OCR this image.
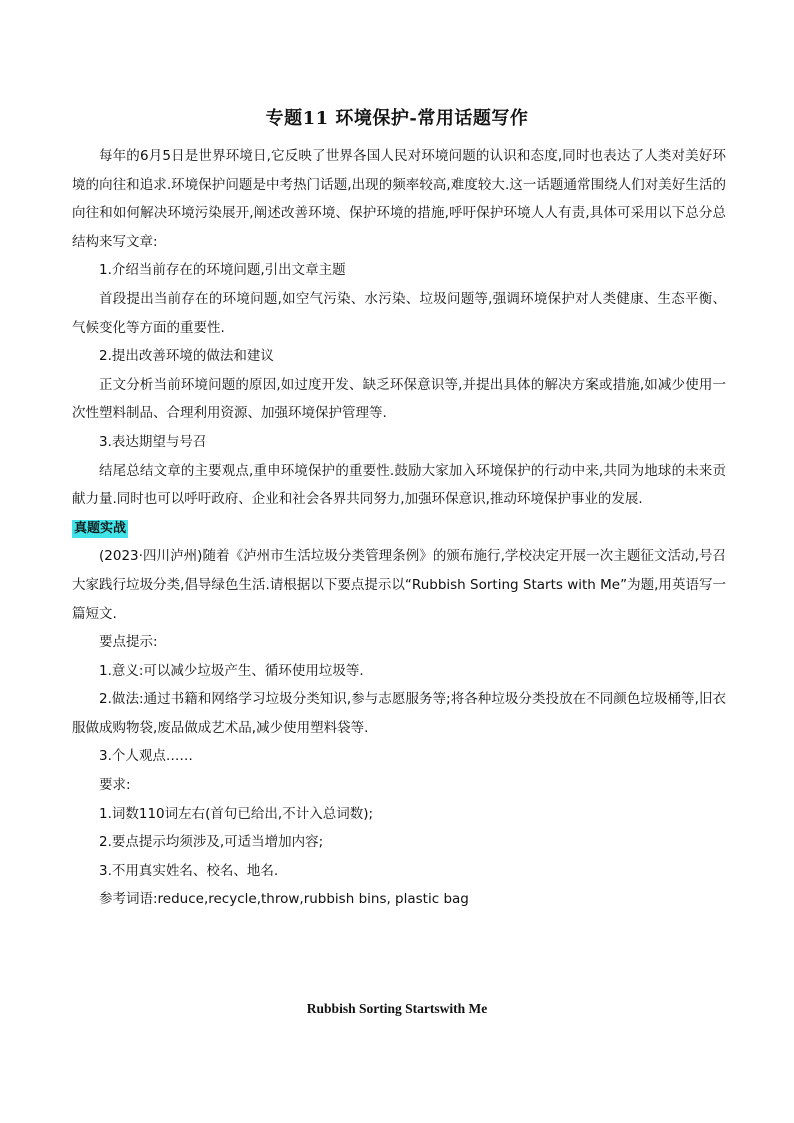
专题11 环境保护-常用话题写作

每年的6月5日是世界环境日,它反映了世界各国人民对环境问题的认识和态度,同时也表达了人类对美好环境的向往和追求.环境保护问题是中考热门话题,出现的频率较高,难度较大.这一话题通常围绕人们对美好生活的向往和如何解决环境污染展开,阐述改善环境、保护环境的措施,呼吁保护环境人人有责,具体可采用以下总分总结构来写文章:

1.介绍当前存在的环境问题,引出文章主题

首段提出当前存在的环境问题,如空气污染、水污染、垃圾问题等,强调环境保护对人类健康、生态平衡、气候变化等方面的重要性.

2.提出改善环境的做法和建议

正文分析当前环境问题的原因,如过度开发、缺乏环保意识等,并提出具体的解决方案或措施,如减少使用一次性塑料制品、合理利用资源、加强环境保护管理等.

3.表达期望与号召

结尾总结文章的主要观点,重申环境保护的重要性.鼓励大家加入环境保护的行动中来,共同为地球的未来贡献力量.同时也可以呼吁政府、企业和社会各界共同努力,加强环保意识,推动环境保护事业的发展.

真题实战

(2023·四川泸州)随着《泸州市生活垃圾分类管理条例》的颁布施行,学校决定开展一次主题征文活动,号召大家践行垃圾分类,倡导绿色生活.请根据以下要点提示以“Rubbish Sorting Starts with Me”为题,用英语写一篇短文.

要点提示:

1.意义:可以减少垃圾产生、循环使用垃圾等.

2.做法:通过书籍和网络学习垃圾分类知识,参与志愿服务等;将各种垃圾分类投放在不同颜色垃圾桶等,旧衣服做成购物袋,废品做成艺术品,减少使用塑料袋等.

3.个人观点……

要求:

1.词数110词左右(首句已给出,不计入总词数);

2.要点提示均须涉及,可适当增加内容;

3.不用真实姓名、校名、地名.

参考词语:reduce,recycle,throw,rubbish bins, plastic bag

Rubbish Sorting Startswith Me
